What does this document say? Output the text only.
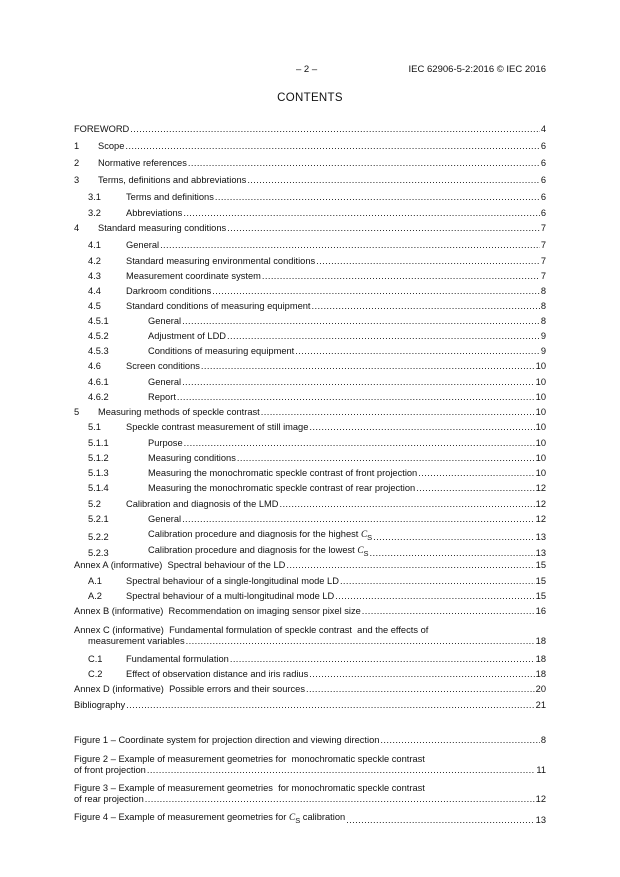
– 2 –	IEC 62906-5-2:2016 © IEC 2016
CONTENTS
FOREWORD .....	4
1	Scope .....	6
2	Normative references .....	6
3	Terms, definitions and abbreviations .....	6
3.1	Terms and definitions .....	6
3.2	Abbreviations .....	6
4	Standard measuring conditions .....	7
4.1	General .....	7
4.2	Standard measuring environmental conditions .....	7
4.3	Measurement coordinate system .....	7
4.4	Darkroom conditions .....	8
4.5	Standard conditions of measuring equipment .....	8
4.5.1	General .....	8
4.5.2	Adjustment of LDD .....	9
4.5.3	Conditions of measuring equipment .....	9
4.6	Screen conditions .....	10
4.6.1	General .....	10
4.6.2	Report .....	10
5	Measuring methods of speckle contrast .....	10
5.1	Speckle contrast measurement of still image .....	10
5.1.1	Purpose .....	10
5.1.2	Measuring conditions .....	10
5.1.3	Measuring the monochromatic speckle contrast of front projection .....	10
5.1.4	Measuring the monochromatic speckle contrast of rear projection .....	12
5.2	Calibration and diagnosis of the LMD .....	12
5.2.1	General .....	12
5.2.2	Calibration procedure and diagnosis for the highest $C_S$ .....	13
5.2.3	Calibration procedure and diagnosis for the lowest $C_S$ .....	13
Annex A (informative)  Spectral behaviour of the LD .....	15
A.1	Spectral behaviour of a single-longitudinal mode LD .....	15
A.2	Spectral behaviour of a multi-longitudinal mode LD .....	15
Annex B (informative)  Recommendation on imaging sensor pixel size .....	16
Annex C (informative)  Fundamental formulation of speckle contrast  and the effects of
measurement variables .....	18
C.1	Fundamental formulation .....	18
C.2	Effect of observation distance and iris radius .....	18
Annex D (informative)  Possible errors and their sources .....	20
Bibliography .....	21
Figure 1 – Coordinate system for projection direction and viewing direction .....	8
Figure 2 – Example of measurement geometries for  monochromatic speckle contrast
of front projection .....	11
Figure 3 – Example of measurement geometries  for monochromatic speckle contrast
of rear projection .....	12
Figure 4 – Example of measurement geometries for $C_S$ calibration .....	13
